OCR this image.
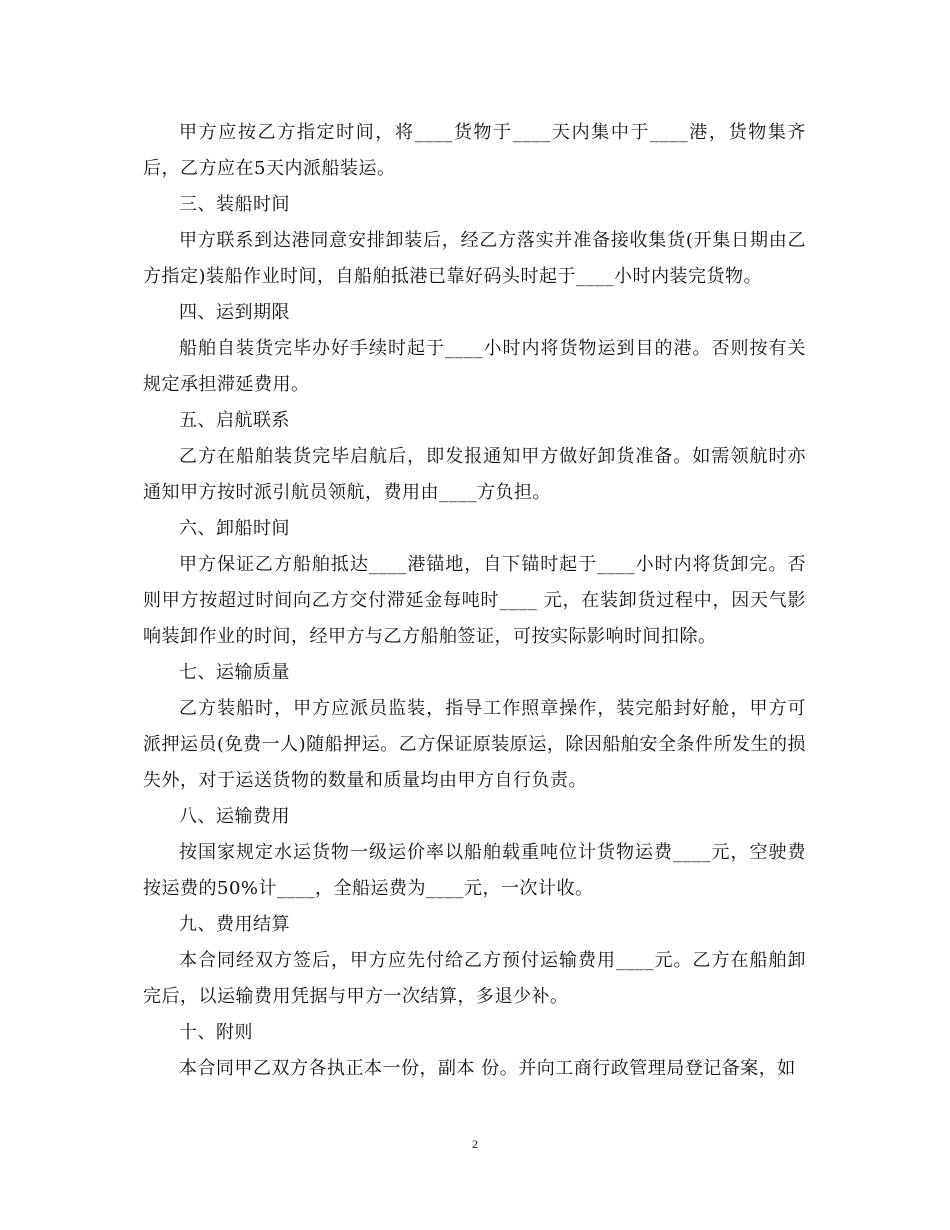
甲方应按乙方指定时间，将____货物于____天内集中于____港，货物集齐后，乙方应在5天内派船装运。

三、装船时间

甲方联系到达港同意安排卸装后，经乙方落实并准备接收集货(开集日期由乙方指定)装船作业时间，自船舶抵港已靠好码头时起于____小时内装完货物。

四、运到期限

船舶自装货完毕办好手续时起于____小时内将货物运到目的港。否则按有关规定承担滞延费用。

五、启航联系

乙方在船舶装货完毕启航后，即发报通知甲方做好卸货准备。如需领航时亦通知甲方按时派引航员领航，费用由____方负担。

六、卸船时间

甲方保证乙方船舶抵达____港锚地，自下锚时起于____小时内将货卸完。否则甲方按超过时间向乙方交付滞延金每吨时____ 元，在装卸货过程中，因天气影响装卸作业的时间，经甲方与乙方船舶签证，可按实际影响时间扣除。

七、运输质量

乙方装船时，甲方应派员监装，指导工作照章操作，装完船封好舱，甲方可派押运员(免费一人)随船押运。乙方保证原装原运，除因船舶安全条件所发生的损失外，对于运送货物的数量和质量均由甲方自行负责。

八、运输费用

按国家规定水运货物一级运价率以船舶载重吨位计货物运费____元，空驶费按运费的50%计____，全船运费为____元，一次计收。

九、费用结算

本合同经双方签后，甲方应先付给乙方预付运输费用____元。乙方在船舶卸完后，以运输费用凭据与甲方一次结算，多退少补。

十、附则

本合同甲乙双方各执正本一份，副本 份。并向工商行政管理局登记备案，如

2
